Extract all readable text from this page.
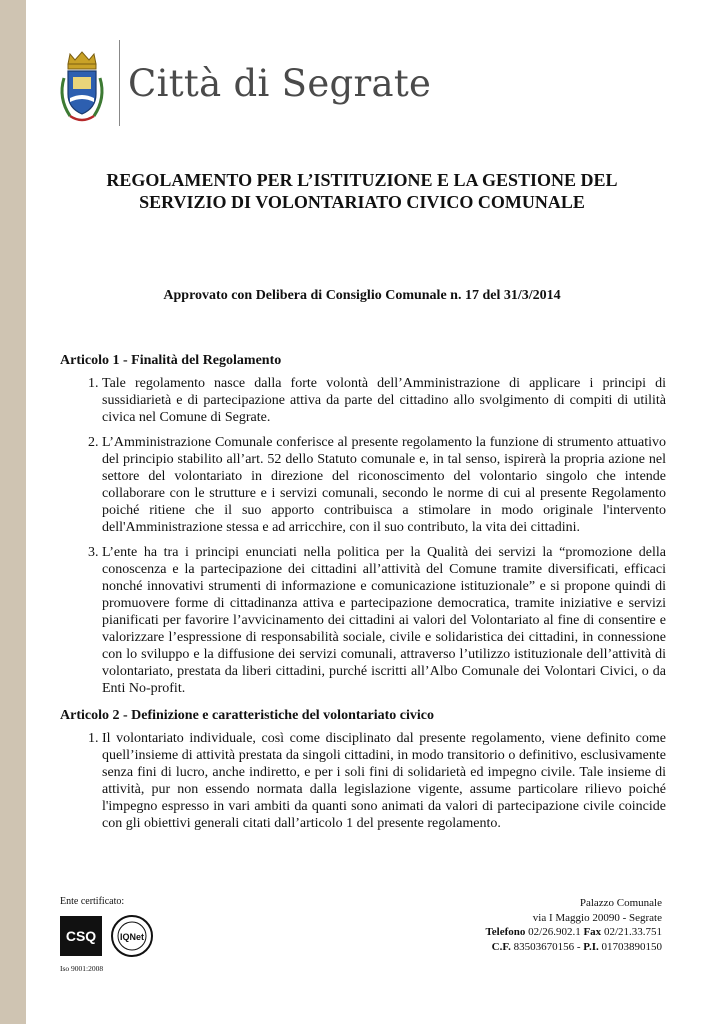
Città di Segrate
REGOLAMENTO PER L’ISTITUZIONE E LA GESTIONE DEL
SERVIZIO DI VOLONTARIATO CIVICO COMUNALE

Approvato con Delibera di Consiglio Comunale n. 17 del 31/3/2014

Articolo 1 - Finalità del Regolamento

1. Tale regolamento nasce dalla forte volontà dell’Amministrazione di applicare i principi di sussidiarietà e di partecipazione attiva da parte del cittadino allo svolgimento di compiti di utilità civica nel Comune di Segrate.
2. L’Amministrazione Comunale conferisce al presente regolamento la funzione di strumento attuativo del principio stabilito all’art. 52 dello Statuto comunale e, in tal senso, ispirerà la propria azione nel settore del volontariato in direzione del riconoscimento del volontario singolo che intende collaborare con le strutture e i servizi comunali, secondo le norme di cui al presente Regolamento poiché ritiene che il suo apporto contribuisca a stimolare in modo originale l'intervento dell'Amministrazione stessa e ad arricchire, con il suo contributo, la vita dei cittadini.
3. L’ente ha tra i principi enunciati nella politica per la Qualità dei servizi la “promozione della conoscenza e la partecipazione dei cittadini all’attività del Comune tramite diversificati, efficaci nonché innovativi strumenti di informazione e comunicazione istituzionale” e si propone quindi di promuovere forme di cittadinanza attiva e partecipazione democratica, tramite iniziative e servizi pianificati per favorire l’avvicinamento dei cittadini ai valori del Volontariato al fine di consentire e valorizzare l’espressione di responsabilità sociale, civile e solidaristica dei cittadini, in connessione con lo sviluppo e la diffusione dei servizi comunali, attraverso l’utilizzo istituzionale dell’attività di volontariato, prestata da liberi cittadini, purché iscritti all’Albo Comunale dei Volontari Civici, o da Enti No-profit.

Articolo 2 - Definizione e caratteristiche del volontariato civico

1. Il volontariato individuale, così come disciplinato dal presente regolamento, viene definito come quell’insieme di attività prestata da singoli cittadini, in modo transitorio o definitivo, esclusivamente senza fini di lucro, anche indiretto, e per i soli fini di solidarietà ed impegno civile. Tale insieme di attività, pur non essendo normata dalla legislazione vigente, assume particolare rilievo poiché l'impegno espresso in vari ambiti da quanti sono animati da valori di partecipazione civile coincide con gli obiettivi generali citati dall’articolo 1 del presente regolamento.

Ente certificato:

CSQ	IQNet
Iso 9001:2008

Palazzo Comunale

via I Maggio 20090 - Segrate

Telefono 02/26.902.1 Fax 02/21.33.751

C.F. 83503670156 - P.I. 01703890150
